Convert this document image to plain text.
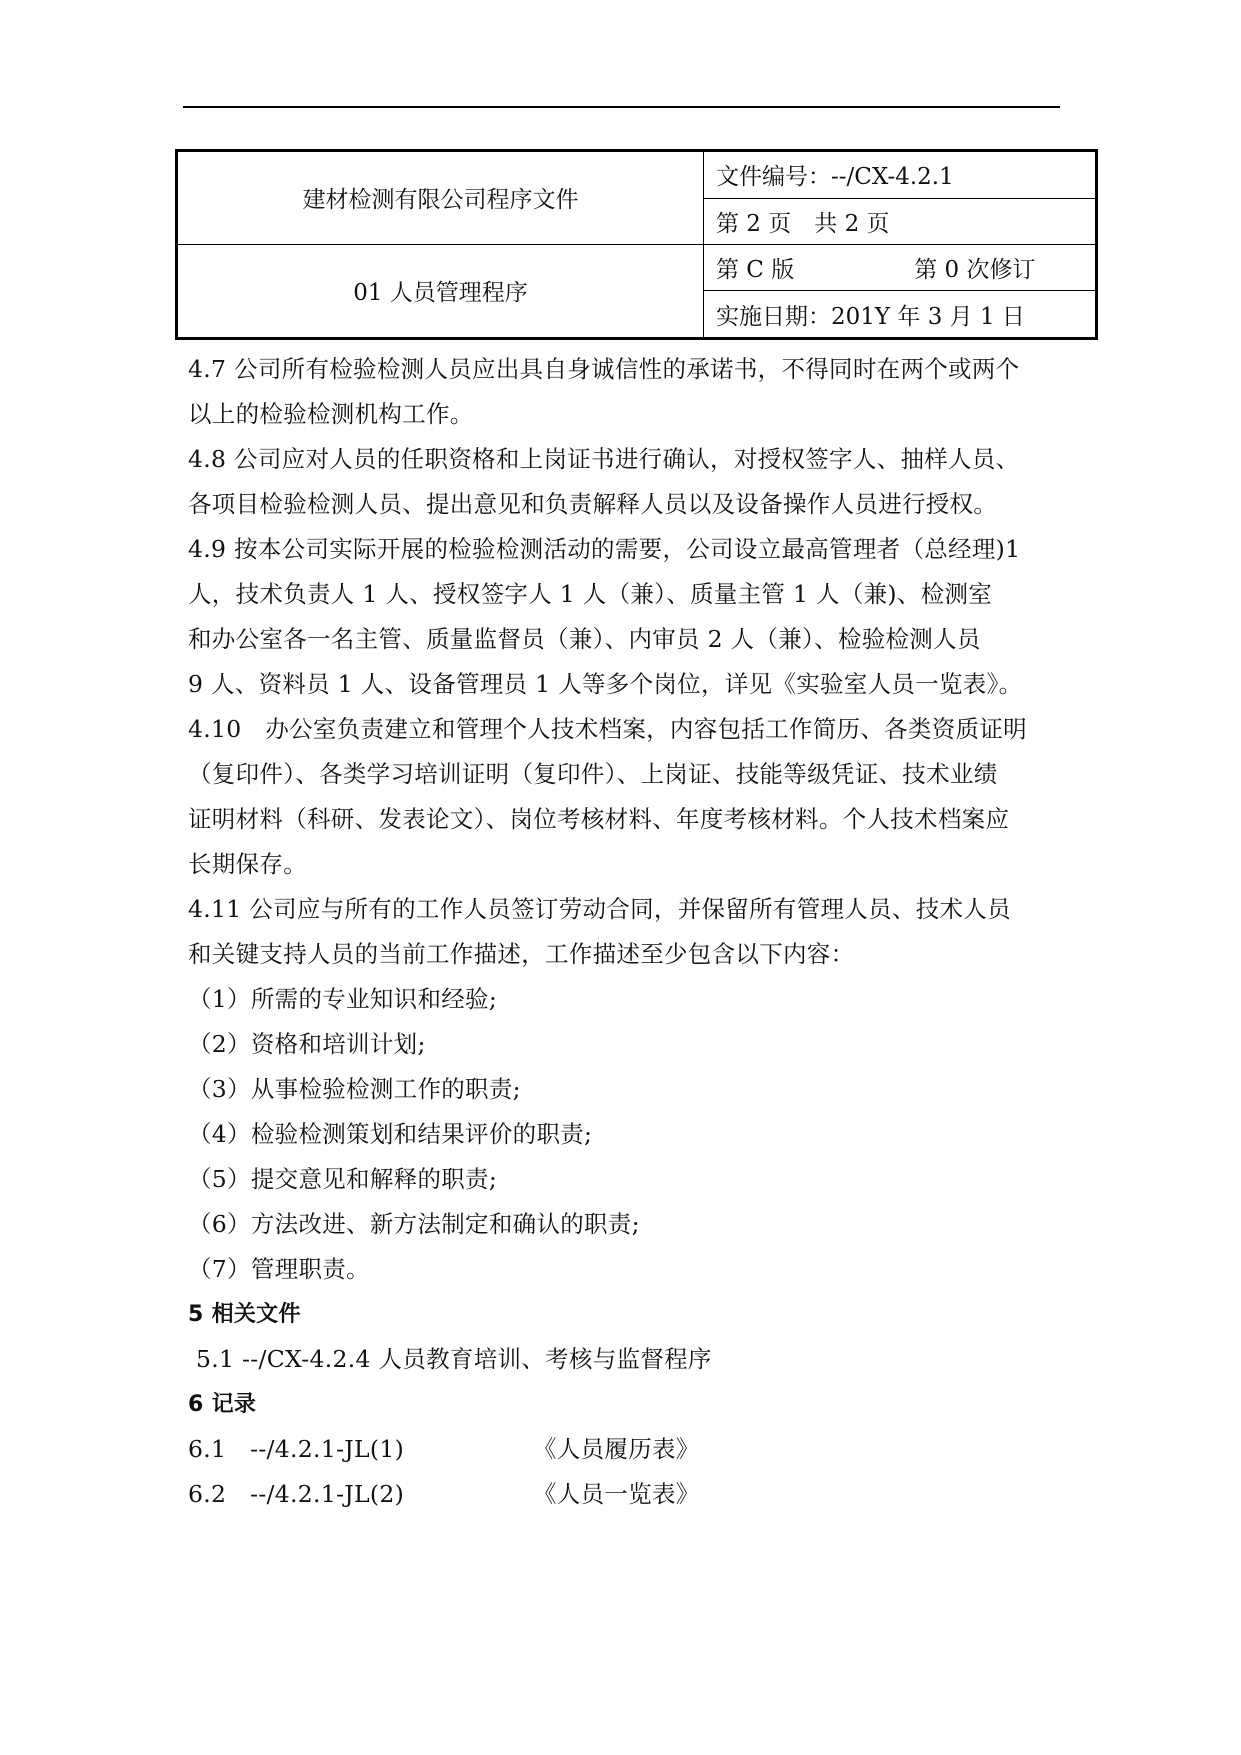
建材检测有限公司程序文件	文件编号：--/CX-4.2.1
	第 2 页　共 2 页
01 人员管理程序	第 C 版 第 0 次修订
	实施日期：201Y 年 3 月 1 日
4.7 公司所有检验检测人员应出具自身诚信性的承诺书，不得同时在两个或两个
以上的检验检测机构工作。
4.8 公司应对人员的任职资格和上岗证书进行确认，对授权签字人、抽样人员、
各项目检验检测人员、提出意见和负责解释人员以及设备操作人员进行授权。
4.9 按本公司实际开展的检验检测活动的需要，公司设立最高管理者（总经理)1
人，技术负责人 1 人、授权签字人 1 人（兼）、质量主管 1 人（兼)、检测室
和办公室各一名主管、质量监督员（兼）、内审员 2 人（兼）、检验检测人员
9 人、资料员 1 人、设备管理员 1 人等多个岗位，详见《实验室人员一览表》。
4.10　办公室负责建立和管理个人技术档案，内容包括工作简历、各类资质证明
（复印件）、各类学习培训证明（复印件）、上岗证、技能等级凭证、技术业绩
证明材料（科研、发表论文）、岗位考核材料、年度考核材料。个人技术档案应
长期保存。
4.11 公司应与所有的工作人员签订劳动合同，并保留所有管理人员、技术人员
和关键支持人员的当前工作描述，工作描述至少包含以下内容：
（1）所需的专业知识和经验;
（2）资格和培训计划;
（3）从事检验检测工作的职责;
（4）检验检测策划和结果评价的职责;
（5）提交意见和解释的职责;
（6）方法改进、新方法制定和确认的职责;
（7）管理职责。
5 相关文件
5.1 --/CX-4.2.4 人员教育培训、考核与监督程序
6 记录
6.1　--/4.2.1-JL(1)	《人员履历表》
6.2　--/4.2.1-JL(2)	《人员一览表》
